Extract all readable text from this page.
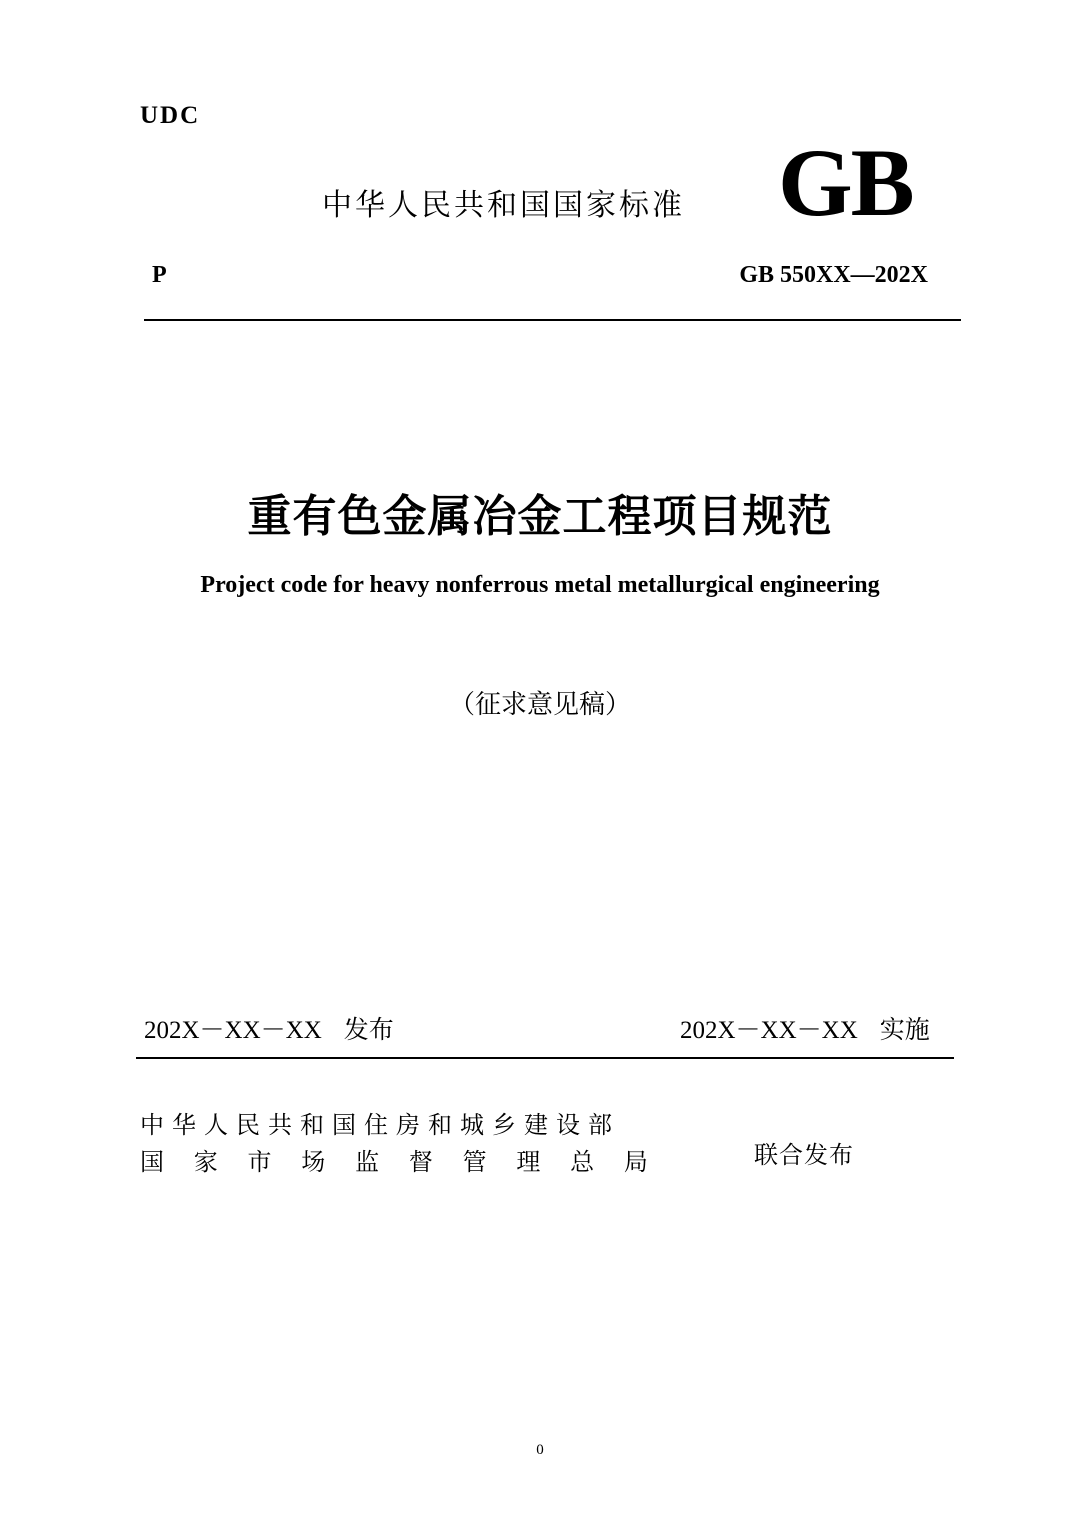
UDC
中华人民共和国国家标准 GB
P	GB 550XX—202X
重有色金属冶金工程项目规范
Project code for heavy nonferrous metal metallurgical engineering
（征求意见稿）
202X－XX－XX 发布	202X－XX－XX 实施
中华人民共和国住房和城乡建设部
国 家 市 场 监 督 管 理 总 局	联合发布
0
